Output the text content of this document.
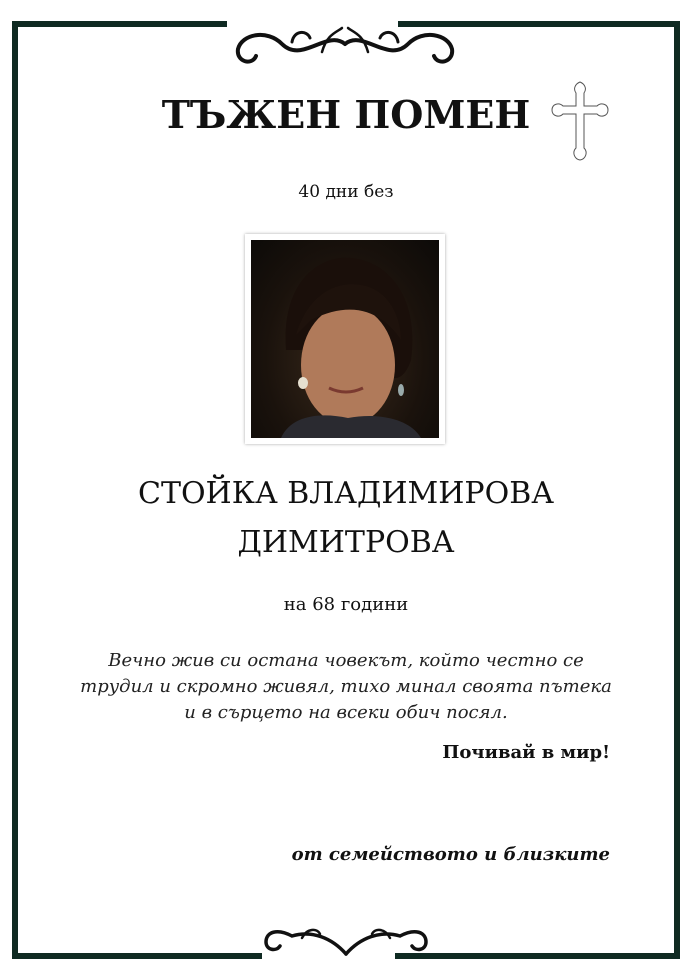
ТЪЖЕН ПОМЕН
40 дни без
СТОЙКА ВЛАДИМИРОВА
ДИМИТРОВА
на 68 години
Вечно жив си остана човекът, който честно се
трудил и скромно живял, тихо минал своята пътека
и в сърцето на всеки обич посял.
Почивай в мир!
от семейството и близките
